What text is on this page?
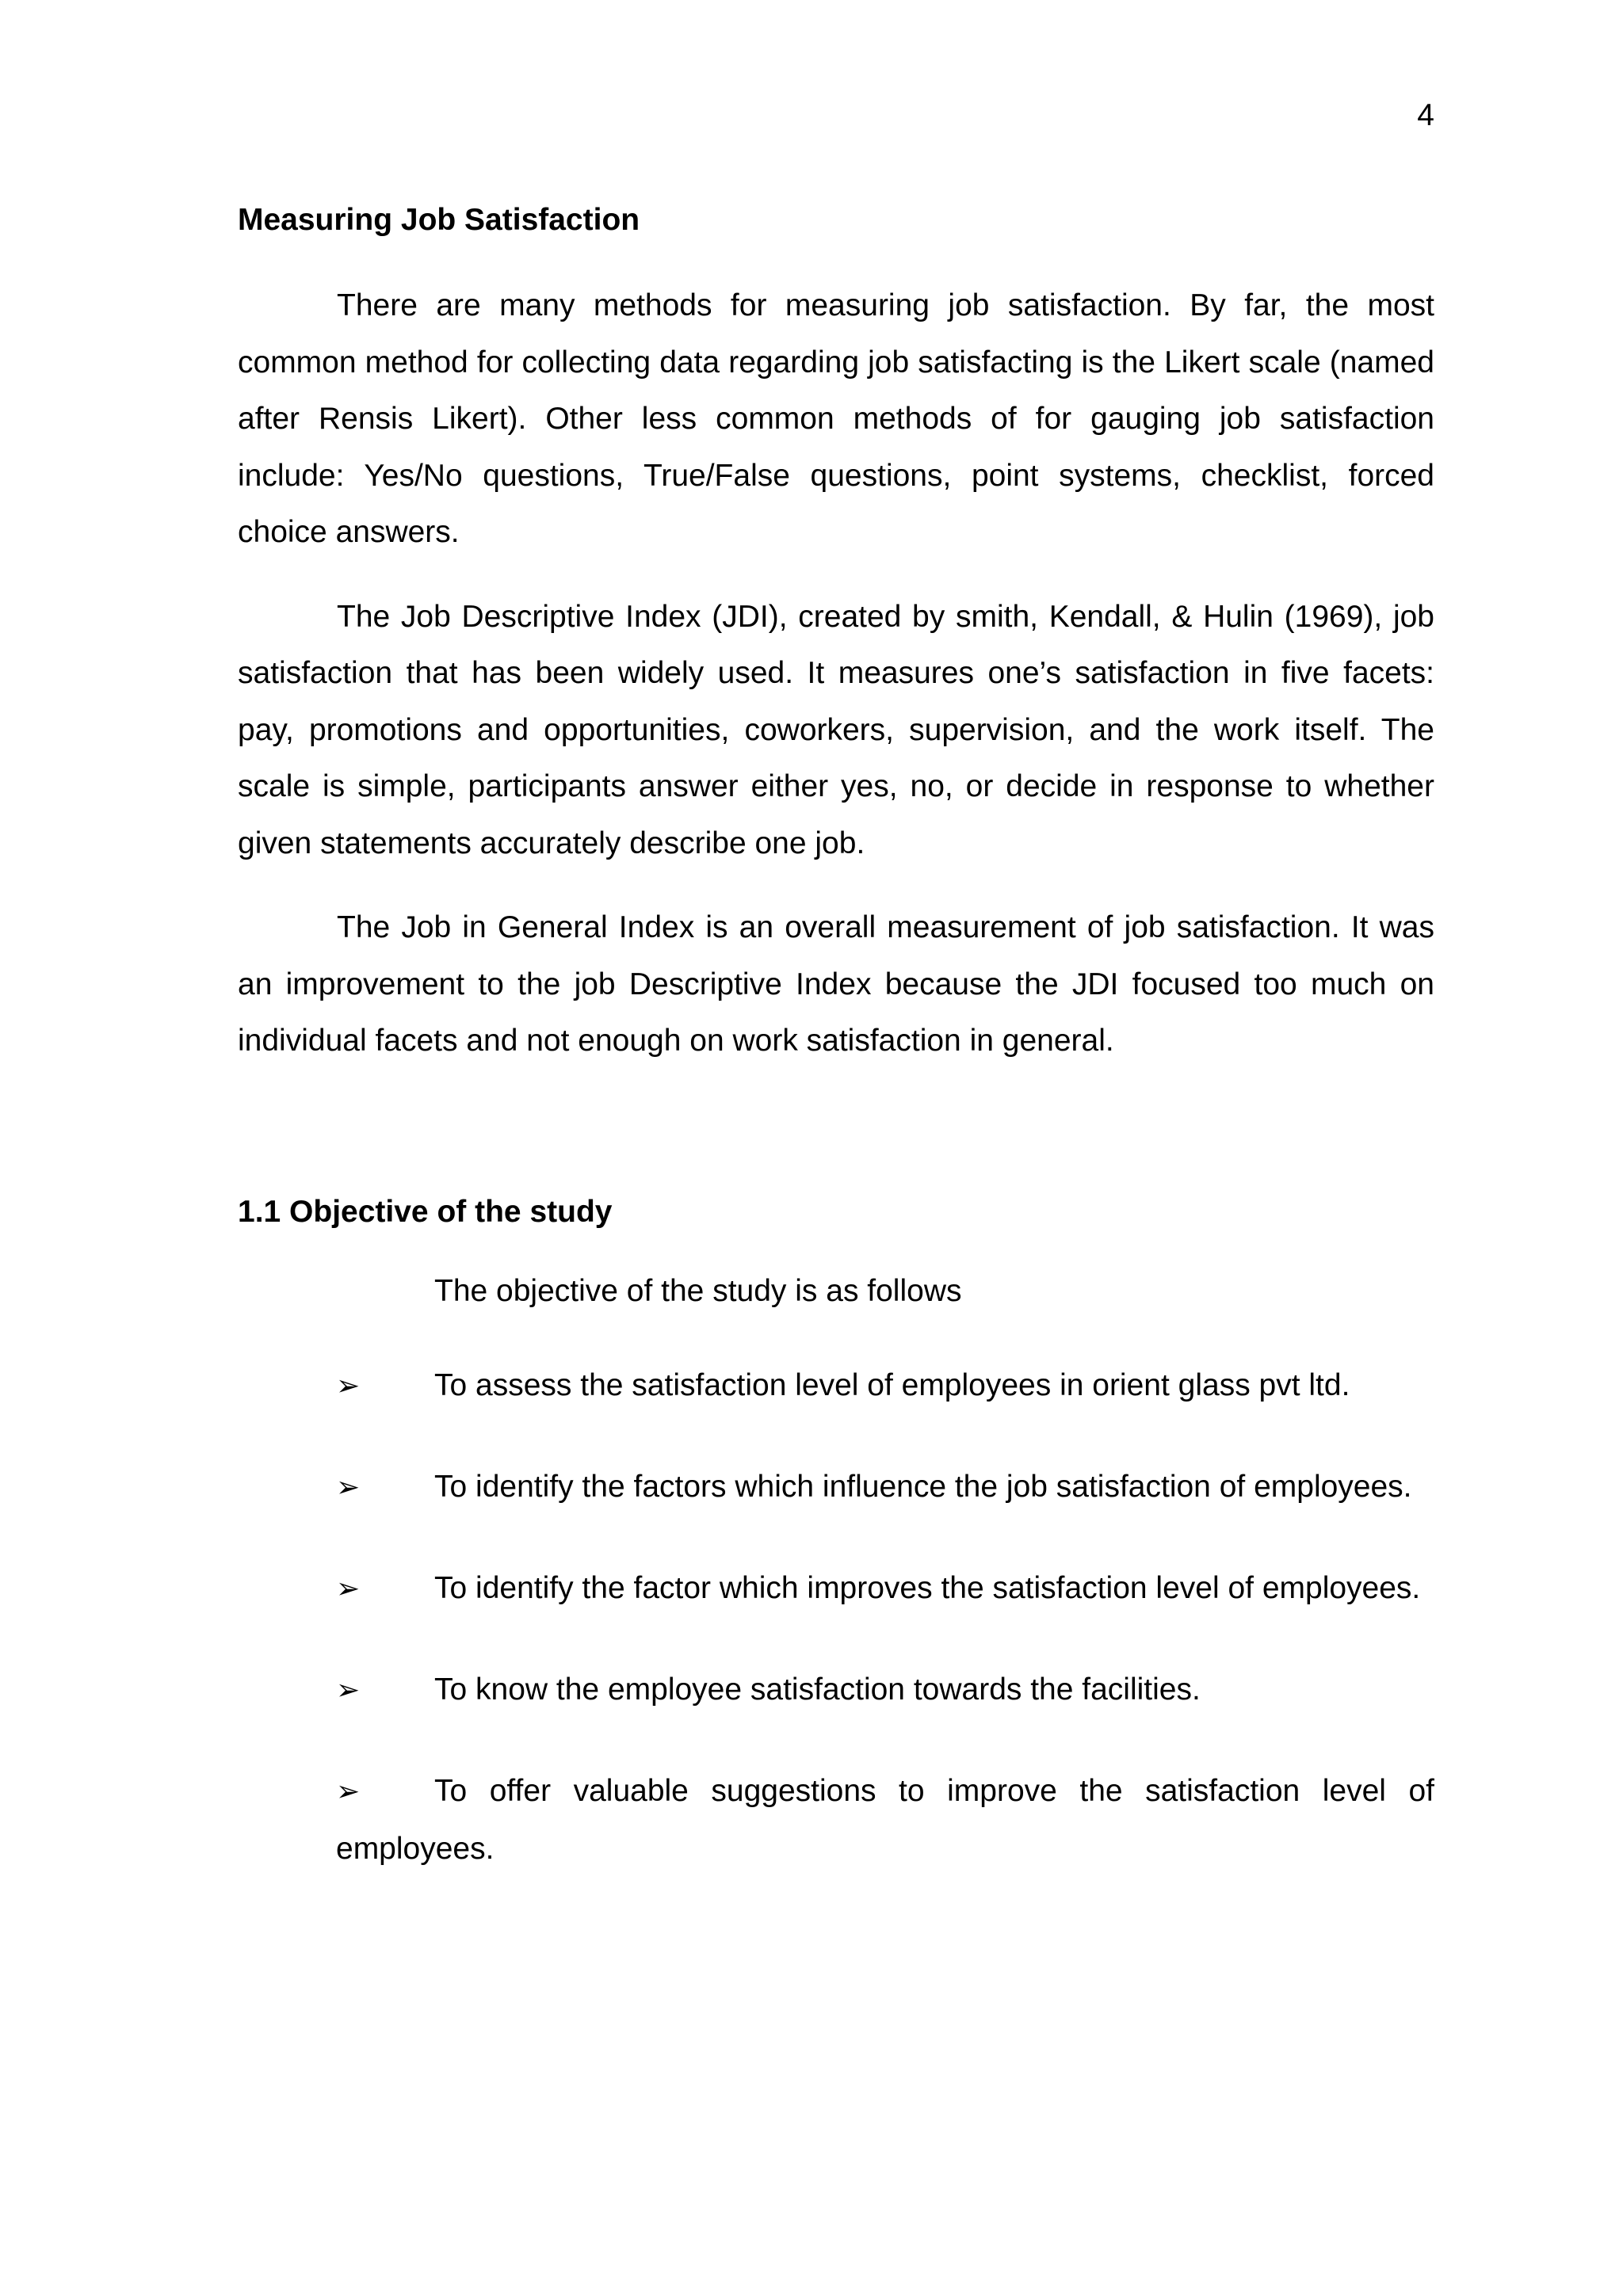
4
Measuring Job Satisfaction

There are many methods for measuring job satisfaction. By far, the most common method for collecting data regarding job satisfacting is the Likert scale (named after Rensis Likert). Other less common methods of for gauging job satisfaction include: Yes/No questions, True/False questions, point systems, checklist, forced choice answers.

The Job Descriptive Index (JDI), created by smith, Kendall, & Hulin (1969), job satisfaction that has been widely used. It measures one’s satisfaction in five facets: pay, promotions and opportunities, coworkers, supervision, and the work itself. The scale is simple, participants answer either yes, no, or decide in response to whether given statements accurately describe one job.

The Job in General Index is an overall measurement of job satisfaction. It was an improvement to the job Descriptive Index because the JDI focused too much on individual facets and not enough on work satisfaction in general.

1.1 Objective of the study
The objective of the study is as follows
➢ To assess the satisfaction level of employees in orient glass pvt ltd.
➢ To identify the factors which influence the job satisfaction of employees.
➢ To identify the factor which improves the satisfaction level of employees.
➢ To know the employee satisfaction towards the facilities.
➢ To offer valuable suggestions to improve the satisfaction level of employees.
